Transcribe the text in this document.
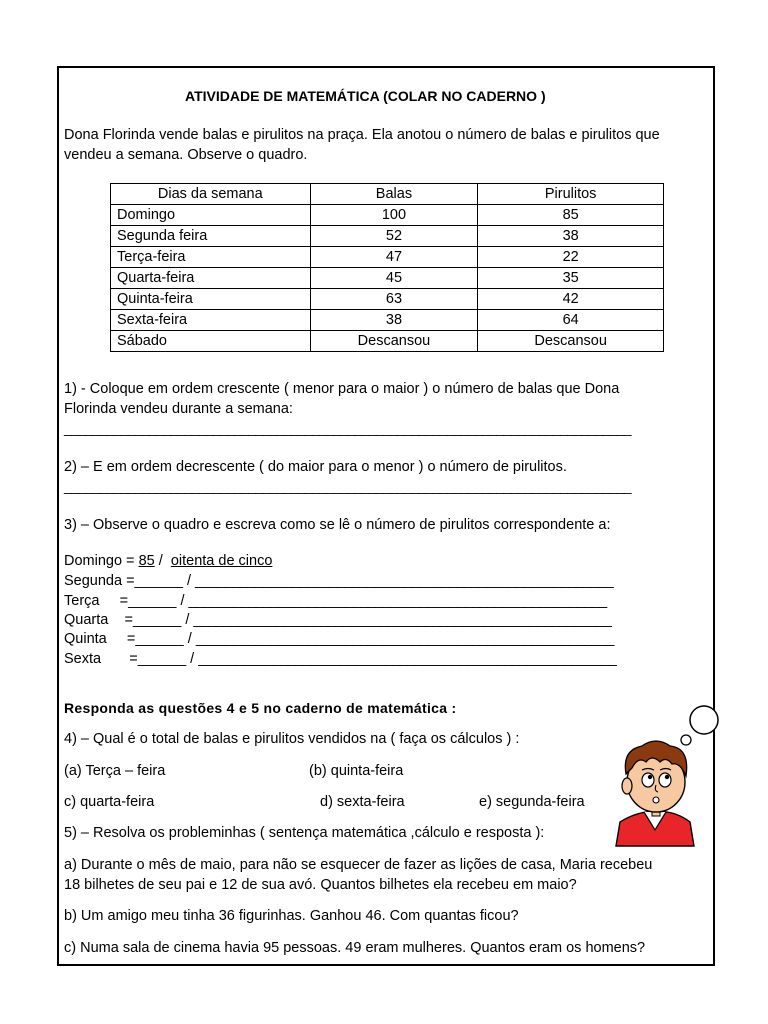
ATIVIDADE DE MATEMÁTICA (COLAR NO CADERNO )
Dona Florinda vende balas e pirulitos na praça. Ela anotou o número de balas e pirulitos que
vendeu a semana. Observe o quadro.
Dias da semana	Balas	Pirulitos
Domingo	100	85
Segunda feira	52	38
Terça-feira	47	22
Quarta-feira	45	35
Quinta-feira	63	42
Sexta-feira	38	64
Sábado	Descansou	Descansou
1) - Coloque em ordem crescente ( menor para o maior ) o número de balas que Dona
Florinda vendeu durante a semana:
________________________________________________________________________________
2) – E em ordem decrescente ( do maior para o menor ) o número de pirulitos.
________________________________________________________________________________
3) – Observe o quadro e escreva como se lê o número de pirulitos correspondente a:
Domingo = 85 /  oitenta de cinco
Segunda =______ / ________________________________________________________
Terça     =______ / ________________________________________________________
Quarta    =______ / ________________________________________________________
Quinta     =______ / ________________________________________________________
Sexta       =______ / ________________________________________________________
Responda as questões 4 e 5 no caderno de matemática :
4) – Qual é o total de balas e pirulitos vendidos na ( faça os cálculos ) :
(a) Terça – feira	(b) quinta-feira
c) quarta-feira	d) sexta-feira	e) segunda-feira
5) – Resolva os probleminhas ( sentença matemática ,cálculo e resposta ):
a) Durante o mês de maio, para não se esquecer de fazer as lições de casa, Maria recebeu
18 bilhetes de seu pai e 12 de sua avó. Quantos bilhetes ela recebeu em maio?
b) Um amigo meu tinha 36 figurinhas. Ganhou 46. Com quantas ficou?
c) Numa sala de cinema havia 95 pessoas. 49 eram mulheres. Quantos eram os homens?
